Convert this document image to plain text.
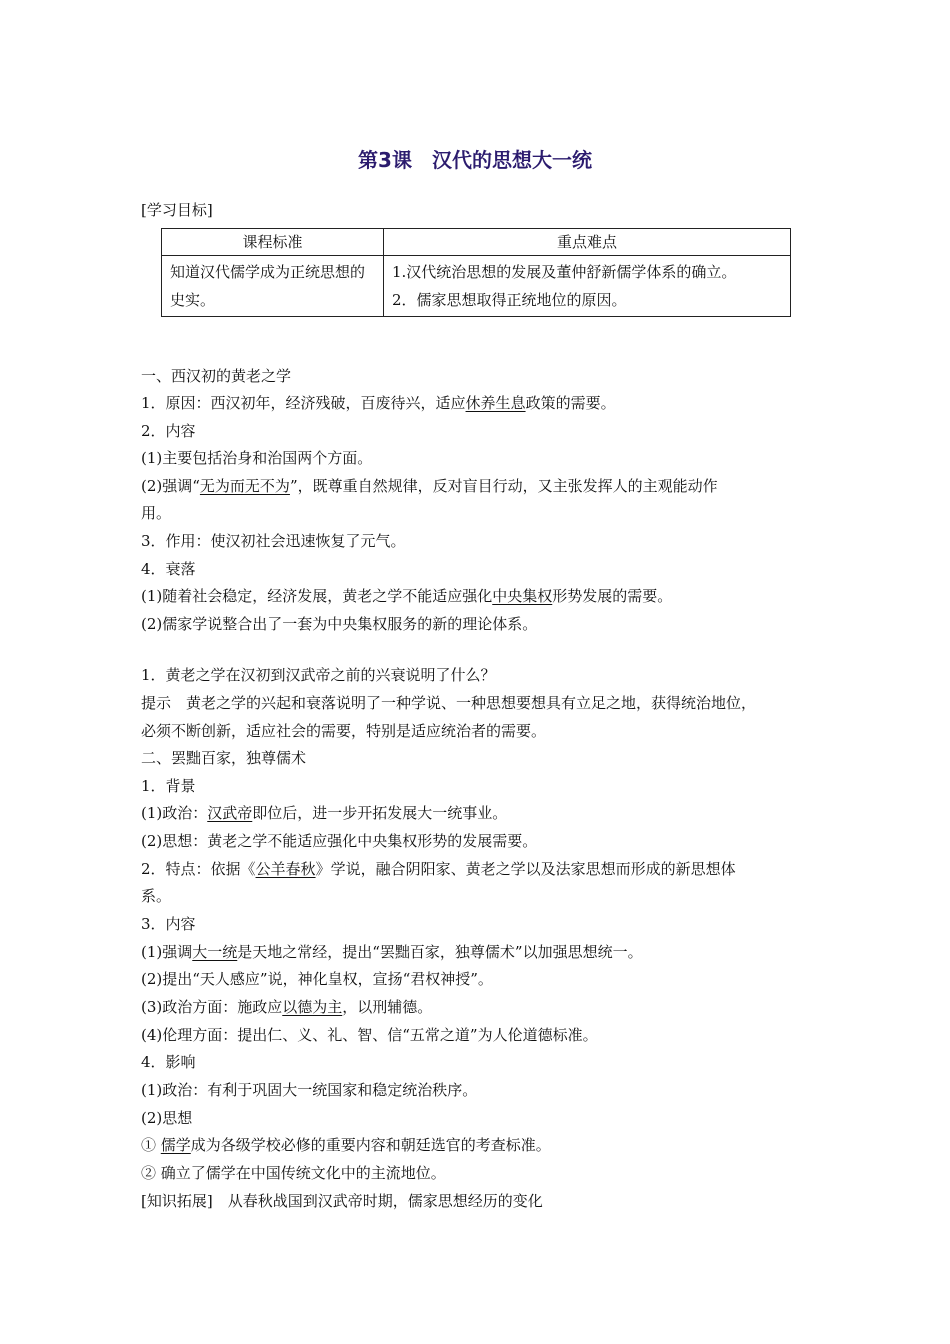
第3课　汉代的思想大一统
[学习目标]
课程标准	重点难点
知道汉代儒学成为正统思想的史实。	1.汉代统治思想的发展及董仲舒新儒学体系的确立。
2．儒家思想取得正统地位的原因。
一、西汉初的黄老之学
1．原因：西汉初年，经济残破，百废待兴，适应休养生息政策的需要。
2．内容
(1)主要包括治身和治国两个方面。
(2)强调“无为而无不为”，既尊重自然规律，反对盲目行动，又主张发挥人的主观能动作
用。
3．作用：使汉初社会迅速恢复了元气。
4．衰落
(1)随着社会稳定，经济发展，黄老之学不能适应强化中央集权形势发展的需要。
(2)儒家学说整合出了一套为中央集权服务的新的理论体系。
1．黄老之学在汉初到汉武帝之前的兴衰说明了什么？
提示　黄老之学的兴起和衰落说明了一种学说、一种思想要想具有立足之地，获得统治地位，
必须不断创新，适应社会的需要，特别是适应统治者的需要。
二、罢黜百家，独尊儒术
1．背景
(1)政治：汉武帝即位后，进一步开拓发展大一统事业。
(2)思想：黄老之学不能适应强化中央集权形势的发展需要。
2．特点：依据《公羊春秋》学说，融合阴阳家、黄老之学以及法家思想而形成的新思想体
系。
3．内容
(1)强调大一统是天地之常经，提出“罢黜百家，独尊儒术”以加强思想统一。
(2)提出“天人感应”说，神化皇权，宣扬“君权神授”。
(3)政治方面：施政应以德为主，以刑辅德。
(4)伦理方面：提出仁、义、礼、智、信“五常之道”为人伦道德标准。
4．影响
(1)政治：有利于巩固大一统国家和稳定统治秩序。
(2)思想
① 儒学成为各级学校必修的重要内容和朝廷选官的考查标准。
② 确立了儒学在中国传统文化中的主流地位。
[知识拓展]　从春秋战国到汉武帝时期，儒家思想经历的变化
